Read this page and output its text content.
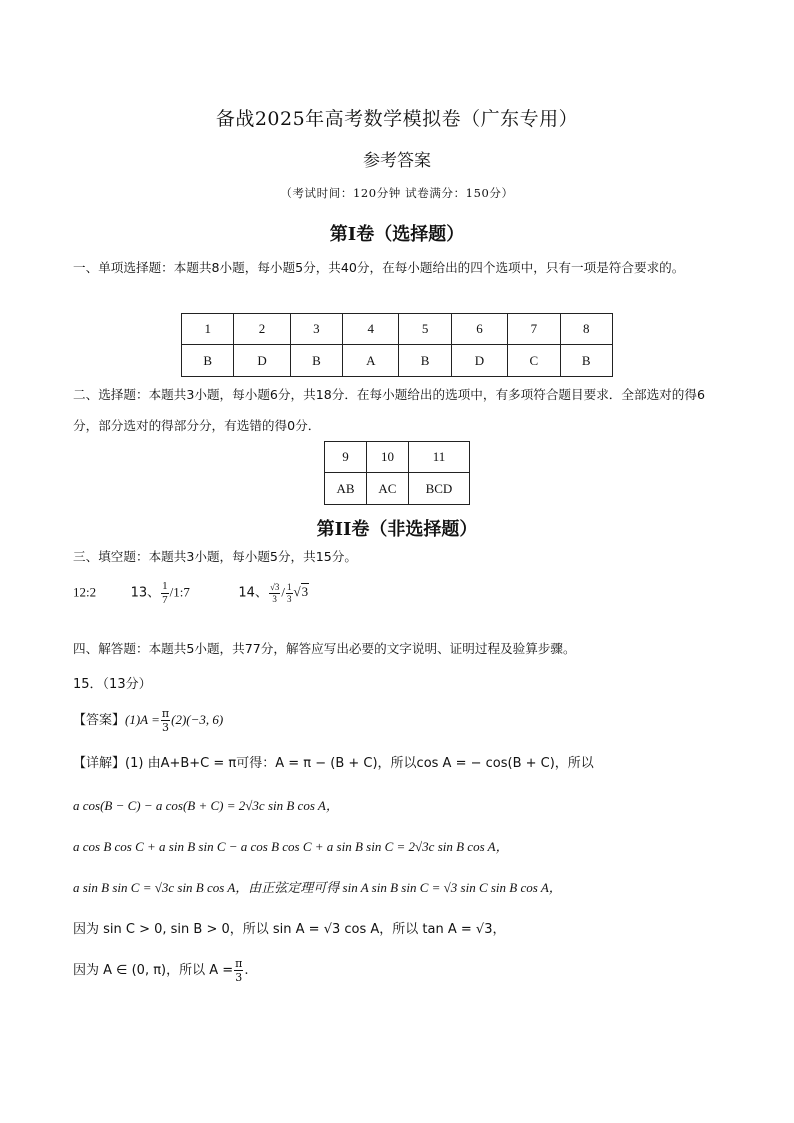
备战2025年高考数学模拟卷（广东专用）
参考答案
（考试时间：120分钟 试卷满分：150分）
第I卷（选择题）
一、单项选择题：本题共8小题，每小题5分，共40分，在每小题给出的四个选项中，只有一项是符合要求的。
1	2	3	4	5	6	7	8
B	D	B	A	B	D	C	B
二、选择题：本题共3小题，每小题6分，共18分．在每小题给出的选项中，有多项符合题目要求．全部选对的得6分，部分选对的得部分分，有选错的得0分．
9	10	11
AB	AC	BCD
第II卷（非选择题）
三、填空题：本题共3小题，每小题5分，共15分。
12:2	13、 $\frac{1}{7}$ /1:7	14、 $\frac{√3}{3} / \frac{1}{3} √3$
四、解答题：本题共5小题，共77分，解答应写出必要的文字说明、证明过程及验算步骤。
15．（13分）
【答案】$(1)A = \frac{\pi}{3} (2)(-3$, 6)
【详解】(1) 由A+B+C = π可得：A = π − (B + C)，所以cos A = − cos(B + C)，所以
a cos(B − C) − a cos(B + C) = 2√3c sin B cos A，
a cos B cos C + a sin B sin C − a cos B cos C + a sin B sin C = 2√3c sin B cos A，
a sin B sin C = √3c sin B cos A，由正弦定理可得 sin A sin B sin C = √3 sin C sin B cos A，
因为 sin C > 0, sin B > 0，所以 sin A = √3 cos A，所以 tan A = √3，
因为 A ∈ (0, π)，所以 $A = \frac{\pi}{3}$ .
